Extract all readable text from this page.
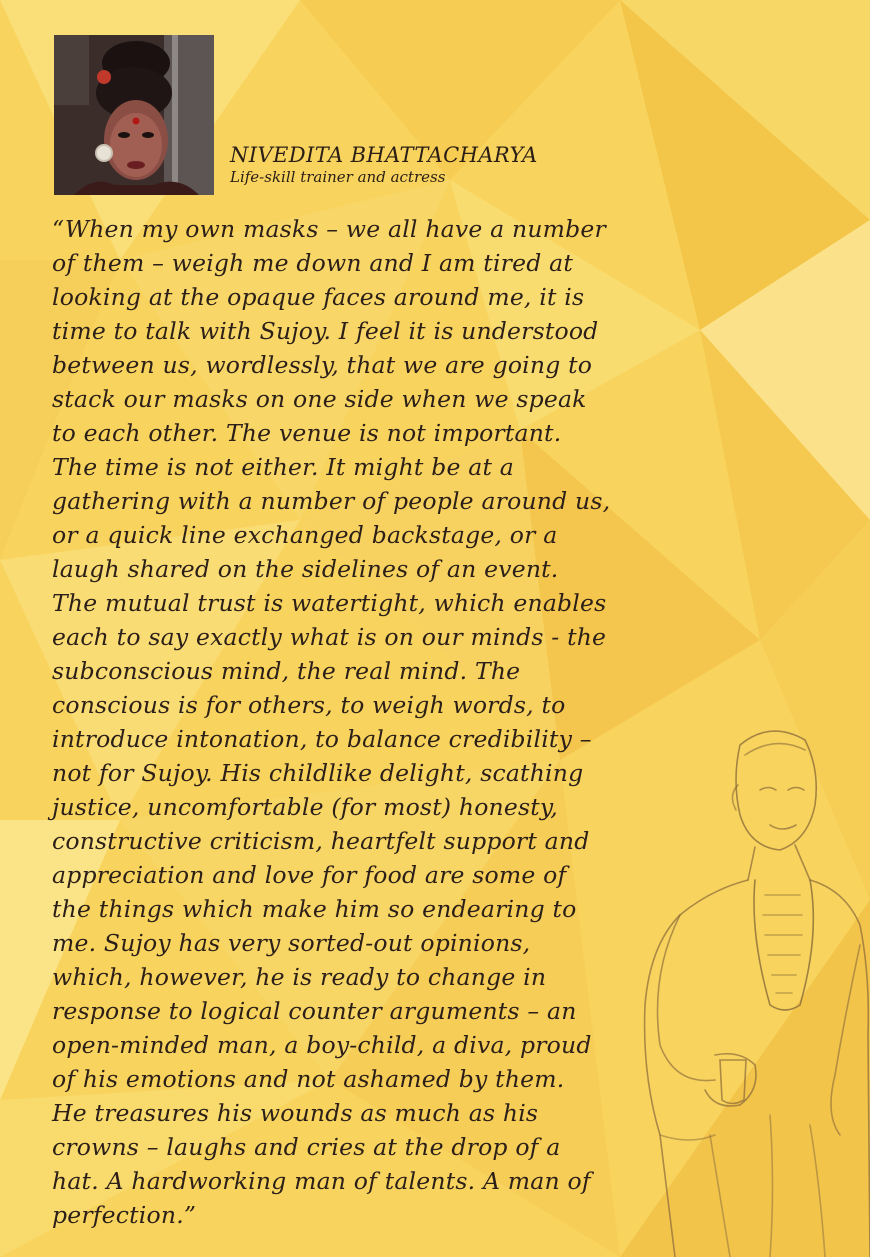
NIVEDITA BHATTACHARYA
Life-skill trainer and actress
“When my own masks – we all have a number
of them – weigh me down and I am tired at
looking at the opaque faces around me, it is
time to talk with Sujoy. I feel it is understood
between us, wordlessly, that we are going to
stack our masks on one side when we speak
to each other. The venue is not important.
The time is not either. It might be at a
gathering with a number of people around us,
or a quick line exchanged backstage, or a
laugh shared on the sidelines of an event.
The mutual trust is watertight, which enables
each to say exactly what is on our minds - the
subconscious mind, the real mind. The
conscious is for others, to weigh words, to
introduce intonation, to balance credibility –
not for Sujoy. His childlike delight, scathing
justice, uncomfortable (for most) honesty,
constructive criticism, heartfelt support and
appreciation and love for food are some of
the things which make him so endearing to
me. Sujoy has very sorted-out opinions,
which, however, he is ready to change in
response to logical counter arguments – an
open-minded man, a boy-child, a diva, proud
of his emotions and not ashamed by them.
He treasures his wounds as much as his
crowns – laughs and cries at the drop of a
hat. A hardworking man of talents. A man of
perfection.”
